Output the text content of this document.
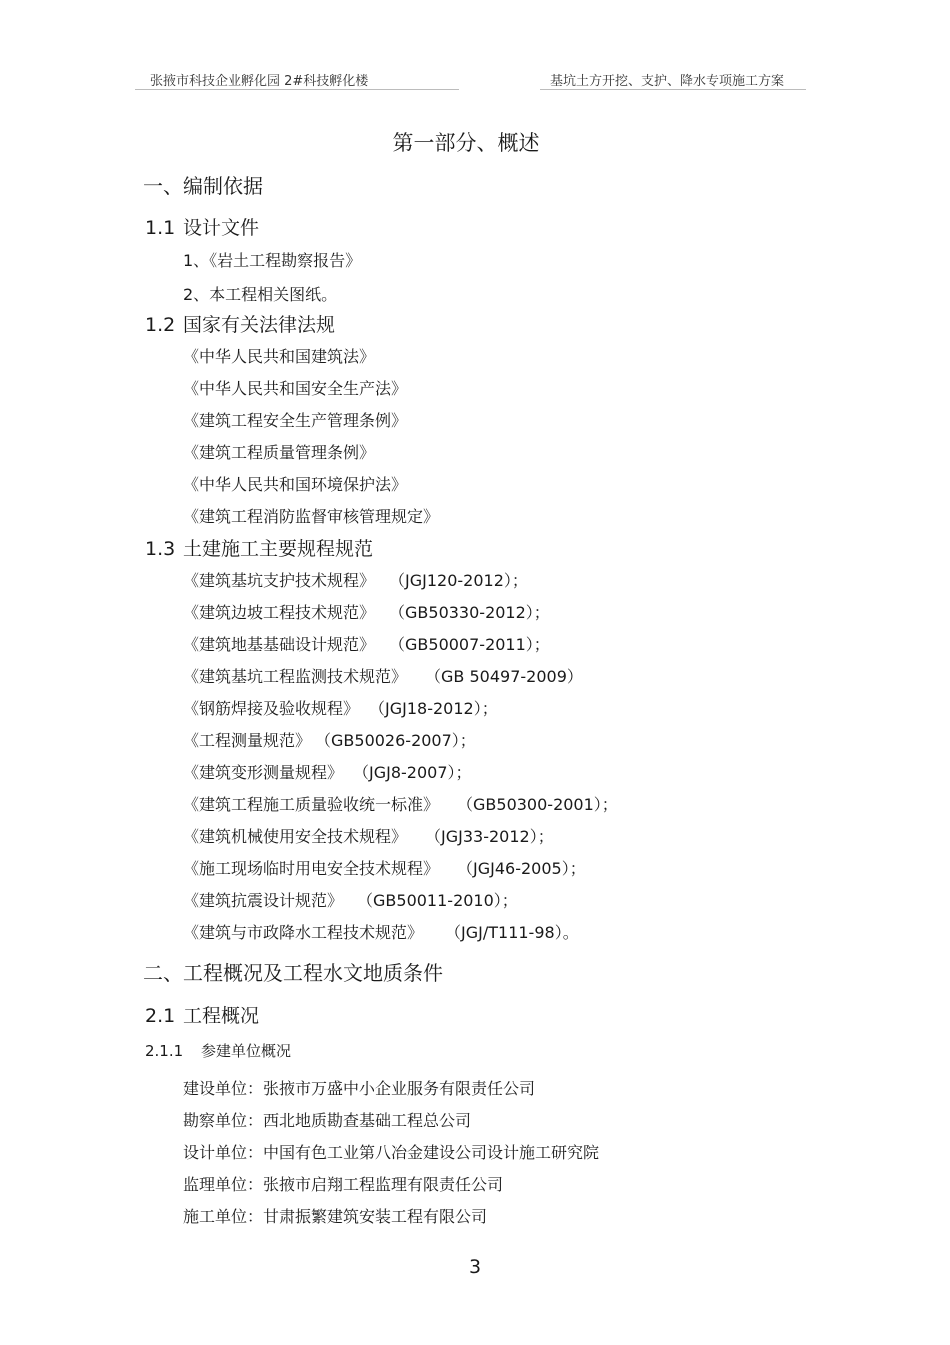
张掖市科技企业孵化园 2#科技孵化楼	基坑土方开挖、支护、降水专项施工方案
第一部分、概述
一、编制依据
1.1 设计文件
1、《岩土工程勘察报告》
2、本工程相关图纸。
1.2 国家有关法律法规
《中华人民共和国建筑法》
《中华人民共和国安全生产法》
《建筑工程安全生产管理条例》
《建筑工程质量管理条例》
《中华人民共和国环境保护法》
《建筑工程消防监督审核管理规定》
1.3 土建施工主要规程规范
《建筑基坑支护技术规程》 （JGJ120-2012）；
《建筑边坡工程技术规范》 （GB50330-2012）；
《建筑地基基础设计规范》 （GB50007-2011）；
《建筑基坑工程监测技术规范》 （GB 50497-2009）
《钢筋焊接及验收规程》 （JGJ18-2012）；
《工程测量规范》 （GB50026-2007）；
《建筑变形测量规程》 （JGJ8-2007）；
《建筑工程施工质量验收统一标准》 （GB50300-2001）；
《建筑机械使用安全技术规程》 （JGJ33-2012）；
《施工现场临时用电安全技术规程》 （JGJ46-2005）；
《建筑抗震设计规范》 （GB50011-2010）；
《建筑与市政降水工程技术规范》 （JGJ/T111-98）。
二、工程概况及工程水文地质条件
2.1 工程概况
2.1.1 参建单位概况
建设单位：张掖市万盛中小企业服务有限责任公司
勘察单位：西北地质勘查基础工程总公司
设计单位：中国有色工业第八冶金建设公司设计施工研究院
监理单位：张掖市启翔工程监理有限责任公司
施工单位：甘肃振繁建筑安装工程有限公司
3
